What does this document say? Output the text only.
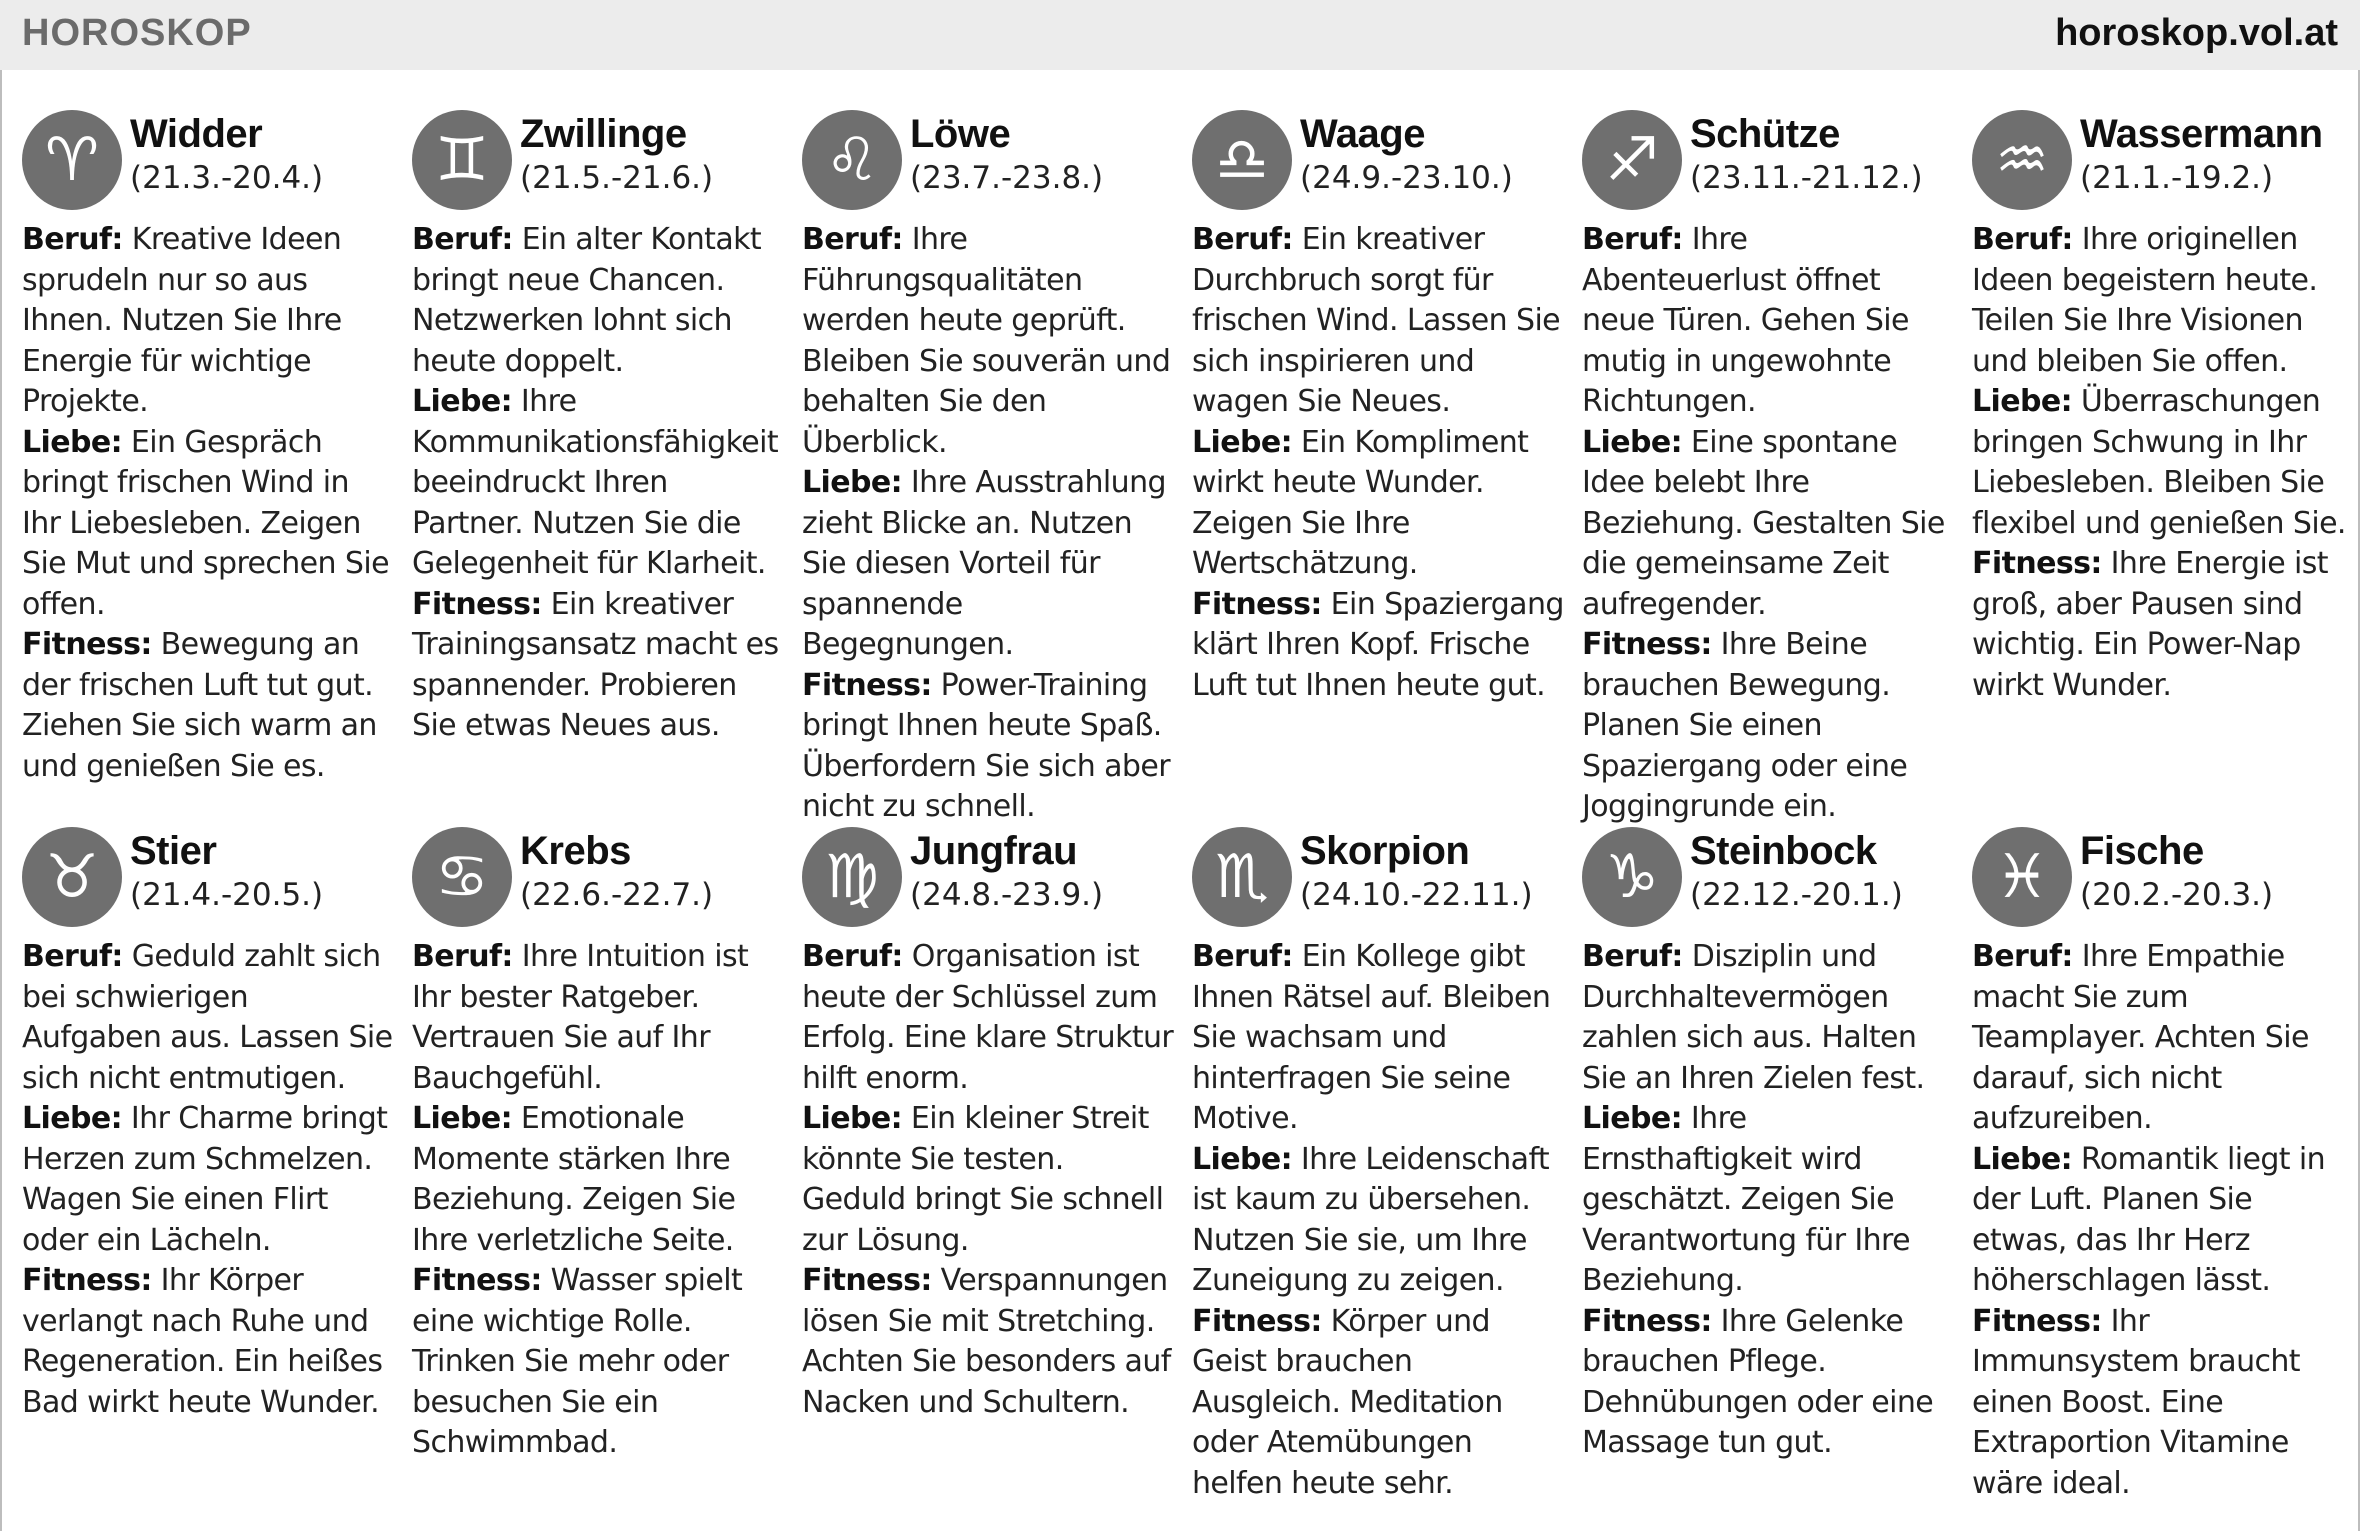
HOROSKOP	horoskop.vol.at
♈ Widder
(21.3.-20.4.)
Beruf: Kreative Ideen sprudeln nur so aus Ihnen. Nutzen Sie Ihre Energie für wichtige Projekte.
Liebe: Ein Gespräch bringt frischen Wind in Ihr Liebesleben. Zeigen Sie Mut und sprechen Sie offen.
Fitness: Bewegung an der frischen Luft tut gut. Ziehen Sie sich warm an und genießen Sie es.
♊ Zwillinge
(21.5.-21.6.)
Beruf: Ein alter Kontakt bringt neue Chancen. Netzwerken lohnt sich heute doppelt.
Liebe: Ihre Kommunikationsfähigkeit beeindruckt Ihren Partner. Nutzen Sie die Gelegenheit für Klarheit.
Fitness: Ein kreativer Trainingsansatz macht es spannender. Probieren Sie etwas Neues aus.
♌ Löwe
(23.7.-23.8.)
Beruf: Ihre Führungsqualitäten werden heute geprüft. Bleiben Sie souverän und behalten Sie den Überblick.
Liebe: Ihre Ausstrahlung zieht Blicke an. Nutzen Sie diesen Vorteil für spannende Begegnungen.
Fitness: Power-Training bringt Ihnen heute Spaß. Überfordern Sie sich aber nicht zu schnell.
♎ Waage
(24.9.-23.10.)
Beruf: Ein kreativer Durchbruch sorgt für frischen Wind. Lassen Sie sich inspirieren und wagen Sie Neues.
Liebe: Ein Kompliment wirkt heute Wunder. Zeigen Sie Ihre Wertschätzung.
Fitness: Ein Spaziergang klärt Ihren Kopf. Frische Luft tut Ihnen heute gut.
♐ Schütze
(23.11.-21.12.)
Beruf: Ihre Abenteuerlust öffnet neue Türen. Gehen Sie mutig in ungewohnte Richtungen.
Liebe: Eine spontane Idee belebt Ihre Beziehung. Gestalten Sie die gemeinsame Zeit aufregender.
Fitness: Ihre Beine brauchen Bewegung. Planen Sie einen Spaziergang oder eine Joggingrunde ein.
♒ Wassermann
(21.1.-19.2.)
Beruf: Ihre originellen Ideen begeistern heute. Teilen Sie Ihre Visionen und bleiben Sie offen.
Liebe: Überraschungen bringen Schwung in Ihr Liebesleben. Bleiben Sie flexibel und genießen Sie.
Fitness: Ihre Energie ist groß, aber Pausen sind wichtig. Ein Power-Nap wirkt Wunder.
♉ Stier
(21.4.-20.5.)
Beruf: Geduld zahlt sich bei schwierigen Aufgaben aus. Lassen Sie sich nicht entmutigen.
Liebe: Ihr Charme bringt Herzen zum Schmelzen. Wagen Sie einen Flirt oder ein Lächeln.
Fitness: Ihr Körper verlangt nach Ruhe und Regeneration. Ein heißes Bad wirkt heute Wunder.
♋ Krebs
(22.6.-22.7.)
Beruf: Ihre Intuition ist Ihr bester Ratgeber. Vertrauen Sie auf Ihr Bauchgefühl.
Liebe: Emotionale Momente stärken Ihre Beziehung. Zeigen Sie Ihre verletzliche Seite.
Fitness: Wasser spielt eine wichtige Rolle. Trinken Sie mehr oder besuchen Sie ein Schwimmbad.
♍ Jungfrau
(24.8.-23.9.)
Beruf: Organisation ist heute der Schlüssel zum Erfolg. Eine klare Struktur hilft enorm.
Liebe: Ein kleiner Streit könnte Sie testen. Geduld bringt Sie schnell zur Lösung.
Fitness: Verspannungen lösen Sie mit Stretching. Achten Sie besonders auf Nacken und Schultern.
♏ Skorpion
(24.10.-22.11.)
Beruf: Ein Kollege gibt Ihnen Rätsel auf. Bleiben Sie wachsam und hinterfragen Sie seine Motive.
Liebe: Ihre Leidenschaft ist kaum zu übersehen. Nutzen Sie sie, um Ihre Zuneigung zu zeigen.
Fitness: Körper und Geist brauchen Ausgleich. Meditation oder Atemübungen helfen heute sehr.
♑ Steinbock
(22.12.-20.1.)
Beruf: Disziplin und Durchhaltevermögen zahlen sich aus. Halten Sie an Ihren Zielen fest.
Liebe: Ihre Ernsthaftigkeit wird geschätzt. Zeigen Sie Verantwortung für Ihre Beziehung.
Fitness: Ihre Gelenke brauchen Pflege. Dehnübungen oder eine Massage tun gut.
♓ Fische
(20.2.-20.3.)
Beruf: Ihre Empathie macht Sie zum Teamplayer. Achten Sie darauf, sich nicht aufzureiben.
Liebe: Romantik liegt in der Luft. Planen Sie etwas, das Ihr Herz höherschlagen lässt.
Fitness: Ihr Immunsystem braucht einen Boost. Eine Extraportion Vitamine wäre ideal.
